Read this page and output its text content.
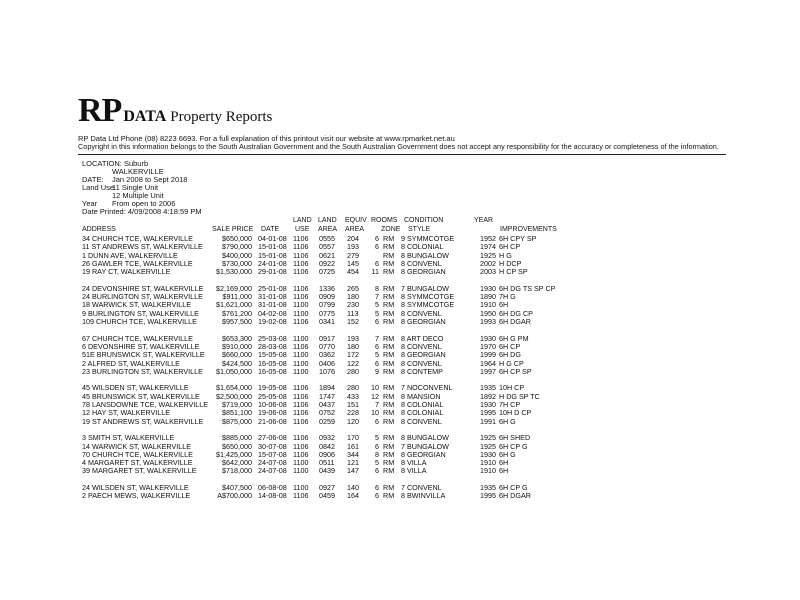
RP DATA Property Reports
RP Data Ltd Phone (08) 8223 6693. For a full explanation of this printout visit our website at www.rpmarket.net.au
Copyright in this information belongs to the South Australian Government and the South Australian Government does not accept any responsibility for the accuracy or completeness of the information.
LOCATION: Suburb
WALKERVILLE
DATE: Jan 2008 to Sept 2018
Land Use
11 Single Unit
12 Multiple Unit
Year From open to 2006
Date Printed: 4/09/2008 4:18:59 PM
LAND LAND EQUIV ROOMS CONDITION	YEAR
ADDRESS	SALE PRICE DATE USE AREA AREA ZONE STYLE	IMPROVEMENTS
34 CHURCH TCE, WALKERVILLE	$650,000 04-01-08 1106 0555 204 6 RM 9 SYMMCOTGE	1952 6H CPY SP
11 ST ANDREWS ST, WALKERVILLE	$790,000 15-01-08 1106 0557 193 6 RM 8 COLONIAL	1974 6H CP
1 DUNN AVE, WALKERVILLE	$400,000 15-01-08 1106 0621 279	RM 8 BUNGALOW	1925 H G
26 GAWLER TCE, WALKERVILLE	$730,000 24-01-08 1106 0922 145 6 RM 8 CONVENL	2002 H DCP
19 RAY CT, WALKERVILLE	$1,530,000 29-01-08 1106 0725 454 11 RM 8 GEORGIAN	2003 H CP SP
24 DEVONSHIRE ST, WALKERVILLE $2,169,000 25-01-08 1106 1336 265 8 RM 7 BUNGALOW	1930 6H DG TS SP CP
24 BURLINGTON ST, WALKERVILLE	$911,000 31-01-08 1106 0909 180 7 RM 8 SYMMCOTGE	1890 7H G
18 WARWICK ST, WALKERVILLE	$1,621,000 31-01-08 1100 0799 230 5 RM 8 SYMMCOTGE	1910 6H
9 BURLINGTON ST, WALKERVILLE	$761,200 04-02-08 1100 0775 113 5 RM 8 CONVENL	1950 6H DG CP
109 CHURCH TCE, WALKERVILLE	$957,500 19-02-08 1106 0341 152 6 RM 8 GEORGIAN	1993 6H DGAR
67 CHURCH TCE, WALKERVILLE	$653,300 25-03-08 1100 0917 193 7 RM 8 ART DECO	1930 6H G PM
6 DEVONSHIRE ST, WALKERVILLE	$910,000 28-03-08 1106 0770 180 6 RM 8 CONVENL	1970 6H CP
51E BRUNSWICK ST, WALKERVILLE $660,000 15-05-08 1100 0362 172 5 RM 8 GEORGIAN	1999 6H DG
2 ALFRED ST, WALKERVILLE	$424,500 16-05-08 1100 0406 122 6 RM 8 CONVENL	1964 H G CP
23 BURLINGTON ST, WALKERVILLE $1,050,000 16-05-08 1100 1076 280 9 RM 8 CONTEMP	1997 6H CP SP
45 WILSDEN ST, WALKERVILLE	$1,654,000 19-05-08 1106 1894 280 10 RM 7 NOCONVENL	1935 10H CP
45 BRUNSWICK ST, WALKERVILLE $2,500,000 25-05-08 1106 1747 433 12 RM 8 MANSION	1892 H DG SP TC
78 LANSDOWNE TCE, WALKERVILLE $719,000 10-06-08 1106 0437 151 7 RM 8 COLONIAL	1930 7H CP
12 HAY ST, WALKERVILLE	$851,100 19-06-08 1106 0752 228 10 RM 8 COLONIAL	1995 10H D CP
19 ST ANDREWS ST, WALKERVILLE	$875,000 21-06-08 1106 0259 120 6 RM 8 CONVENL	1991 6H G
3 SMITH ST, WALKERVILLE	$885,000 27-06-08 1106 0932 170 5 RM 8 BUNGALOW	1925 6H SHED
14 WARWICK ST, WALKERVILLE	$650,000 30-07-08 1106 0842 161 6 RM 7 BUNGALOW	1925 6H CP G
70 CHURCH TCE, WALKERVILLE	$1,425,000 15-07-08 1106 0906 344 8 RM 8 GEORGIAN	1930 6H G
4 MARGARET ST, WALKERVILLE	$642,000 24-07-08 1100 0511 121 5 RM 8 VILLA	1910 6H
39 MARGARET ST, WALKERVILLE	$718,000 24-07-08 1100 0439 147 6 RM 8 VILLA	1910 6H
24 WILSDEN ST, WALKERVILLE	$407,500 06-08-08 1100 0927 140 6 RM 7 CONVENL	1935 6H CP G
2 PAECH MEWS, WALKERVILLE	A$700,000 14-08-08 1106 0459 164 6 RM 8 BWINVILLA	1995 6H DGAR
